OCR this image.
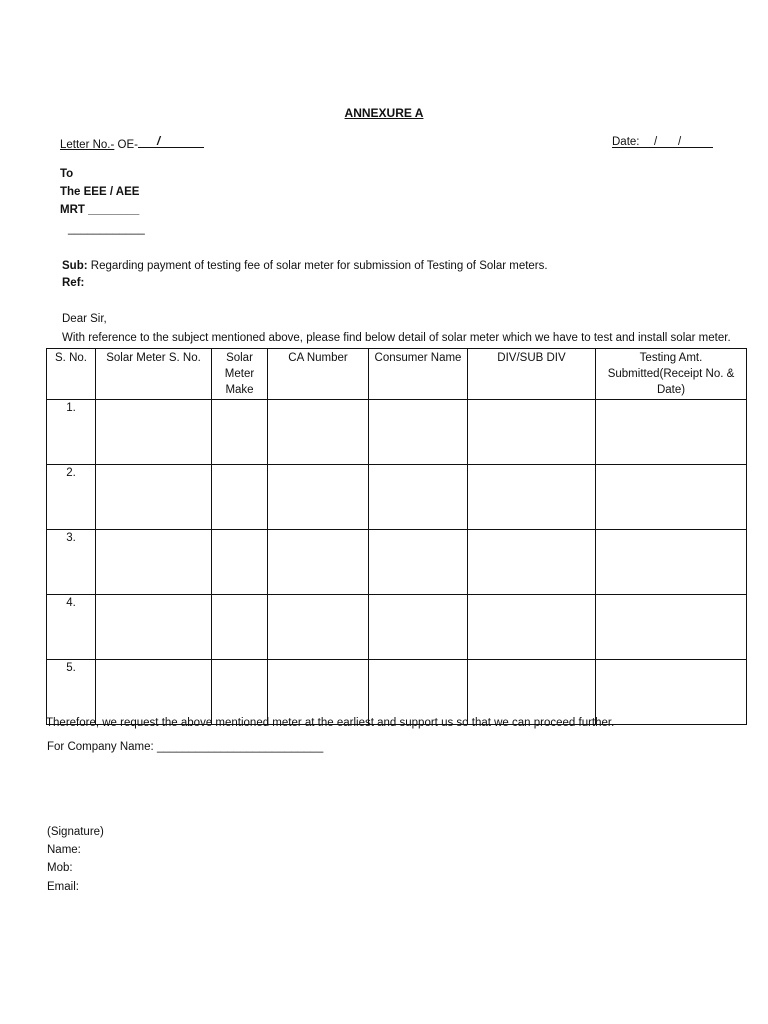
ANNEXURE A
Letter No.- OE- /	Date: / /
To
The EEE / AEE
MRT ________
____________
Sub: Regarding payment of testing fee of solar meter for submission of Testing of Solar meters.
Ref:
Dear Sir,
With reference to the subject mentioned above, please find below detail of solar meter which we have to test and install solar meter.
S. No.	Solar Meter S. No.	Solar Meter Make	CA Number	Consumer Name	DIV/SUB DIV	Testing Amt. Submitted(Receipt No. & Date)
1.						
2.						
3.						
4.						
5.						
Therefore, we request the above mentioned meter at the earliest and support us so that we can proceed further.
For Company Name: __________________________
(Signature)
Name:
Mob:
Email:
